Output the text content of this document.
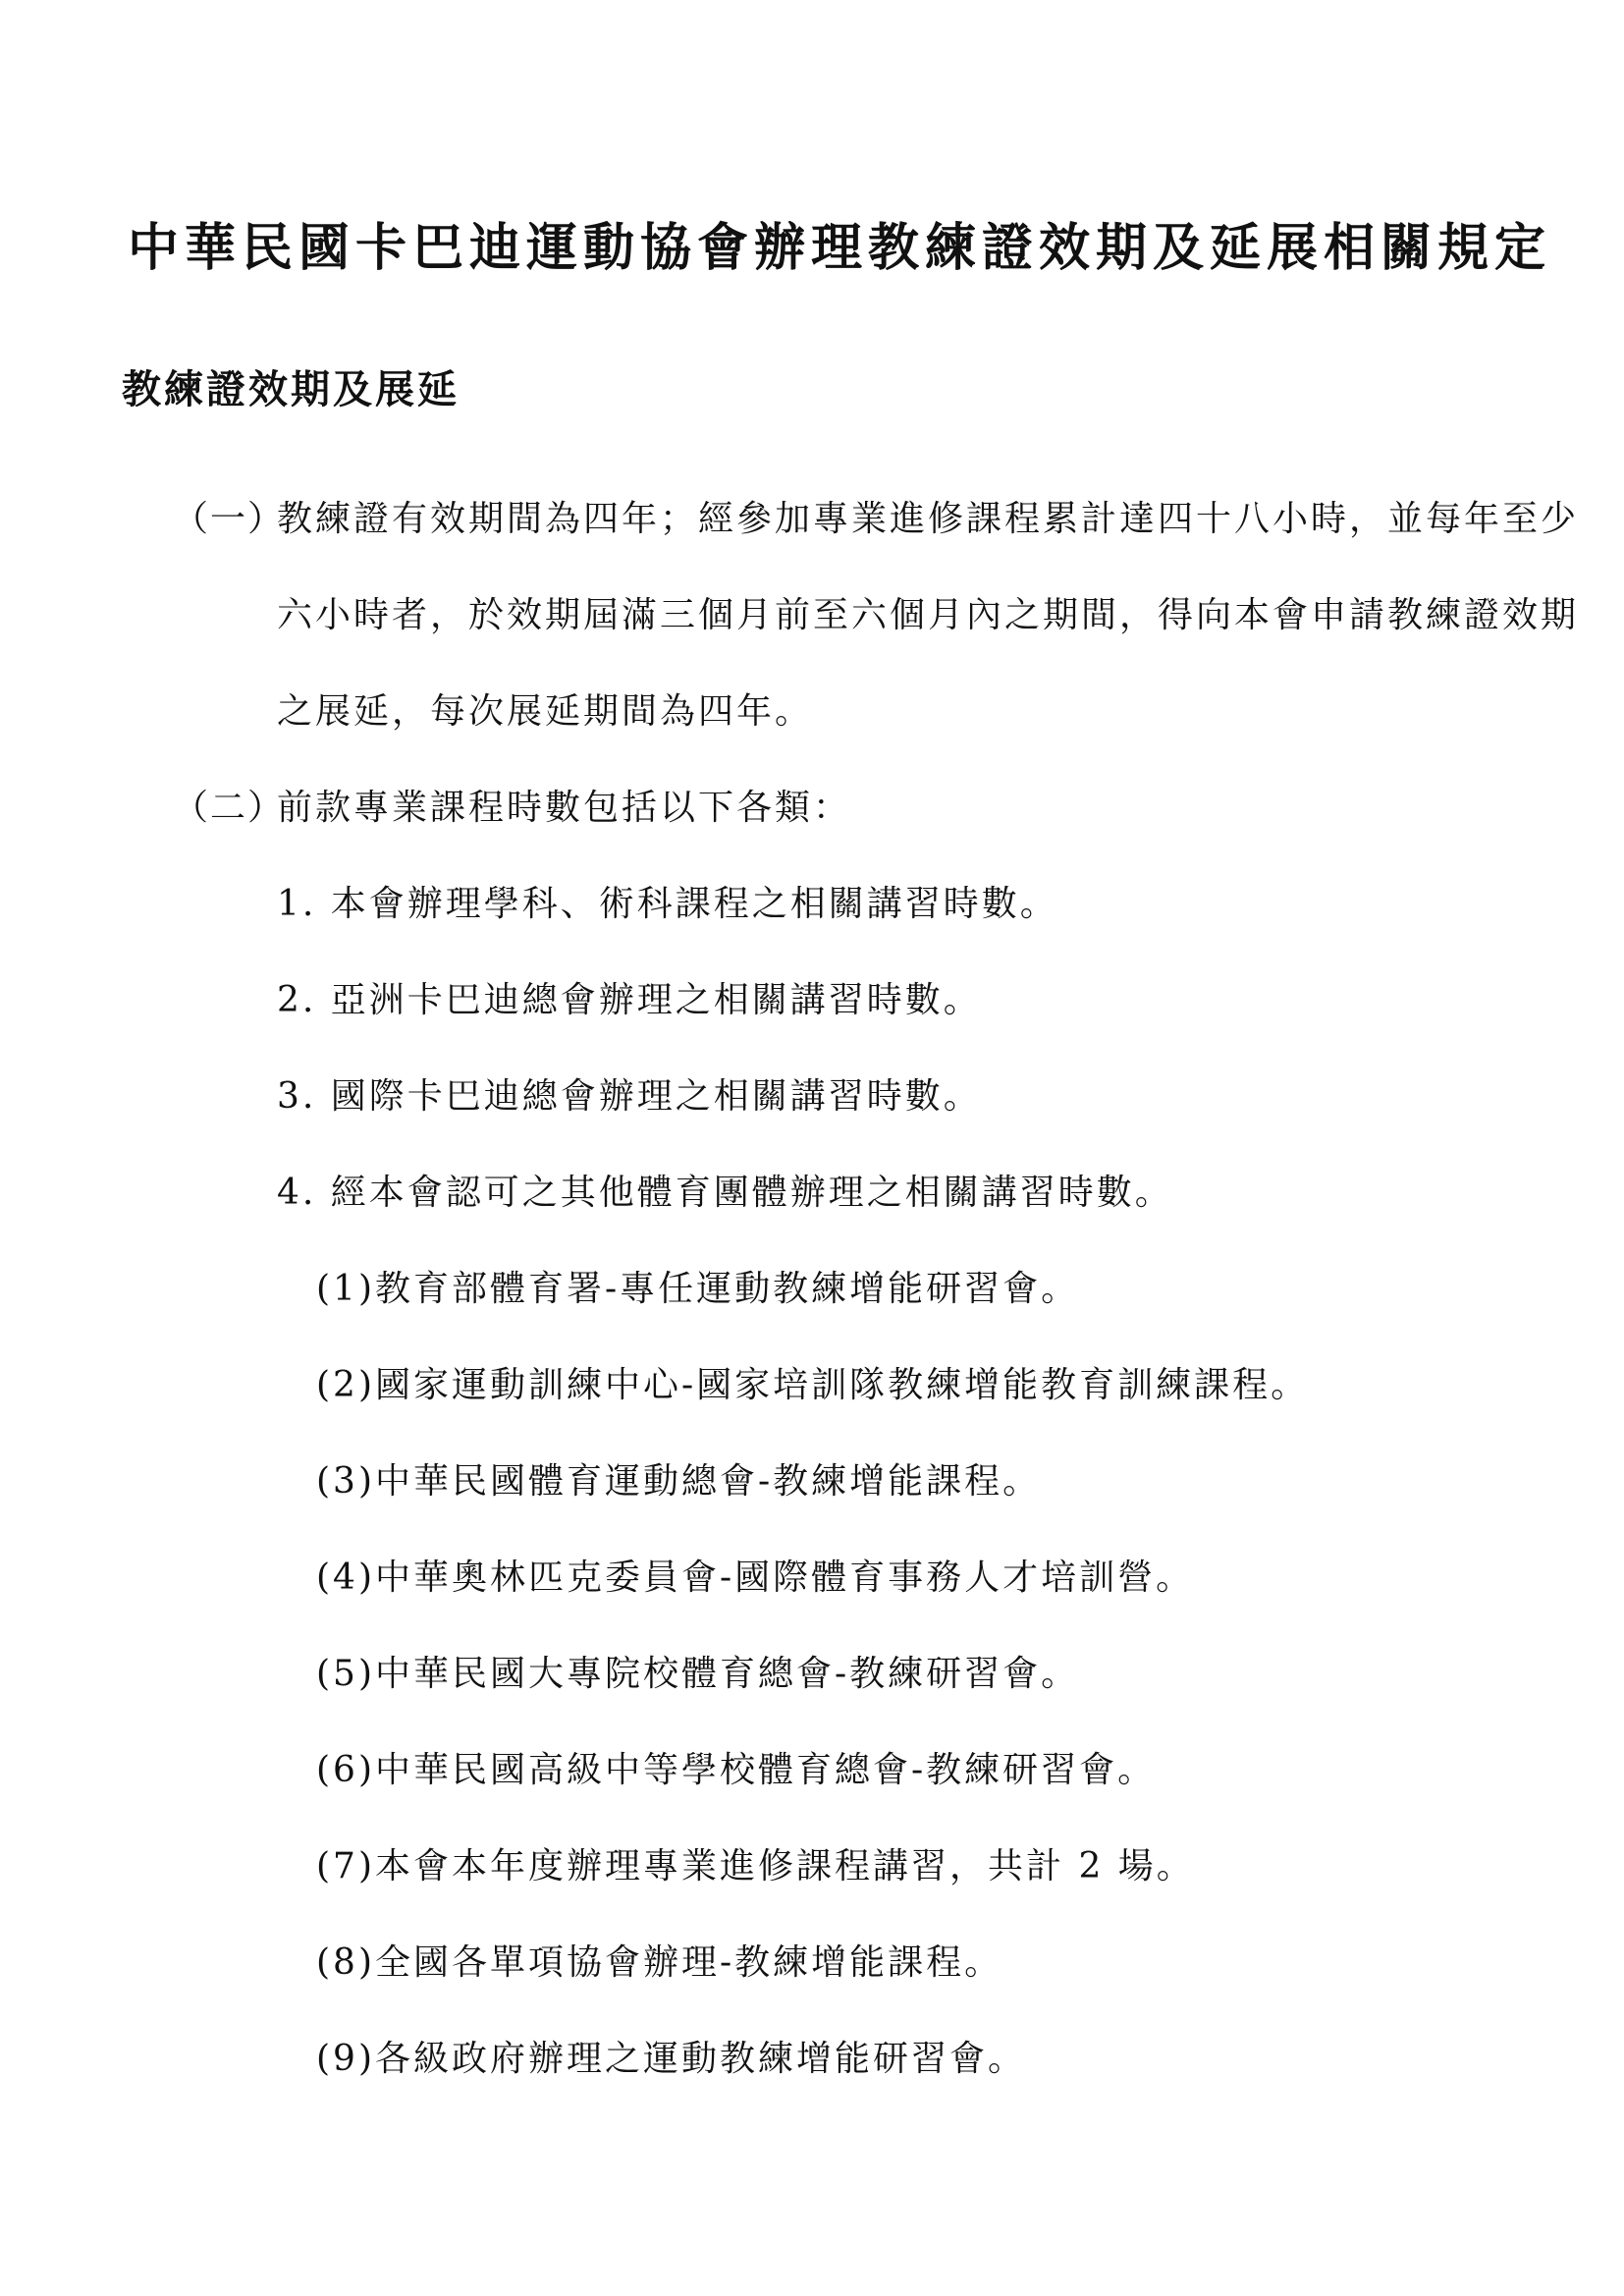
中華民國卡巴迪運動協會辦理教練證效期及延展相關規定
教練證效期及展延
（一）

教練證有效期間為四年；經參加專業進修課程累計達四十八小時，並每年至少

六小時者，於效期屆滿三個月前至六個月內之期間，得向本會申請教練證效期

之展延，每次展延期間為四年。

（二）

前款專業課程時數包括以下各類：

1. 本會辦理學科、術科課程之相關講習時數。

2. 亞洲卡巴迪總會辦理之相關講習時數。

3. 國際卡巴迪總會辦理之相關講習時數。

4. 經本會認可之其他體育團體辦理之相關講習時數。

(1)教育部體育署-專任運動教練增能研習會。

(2)國家運動訓練中心-國家培訓隊教練增能教育訓練課程。

(3)中華民國體育運動總會-教練增能課程。

(4)中華奧林匹克委員會-國際體育事務人才培訓營。

(5)中華民國大專院校體育總會-教練研習會。

(6)中華民國高級中等學校體育總會-教練研習會。

(7)本會本年度辦理專業進修課程講習，共計 2 場。

(8)全國各單項協會辦理-教練增能課程。

(9)各級政府辦理之運動教練增能研習會。
